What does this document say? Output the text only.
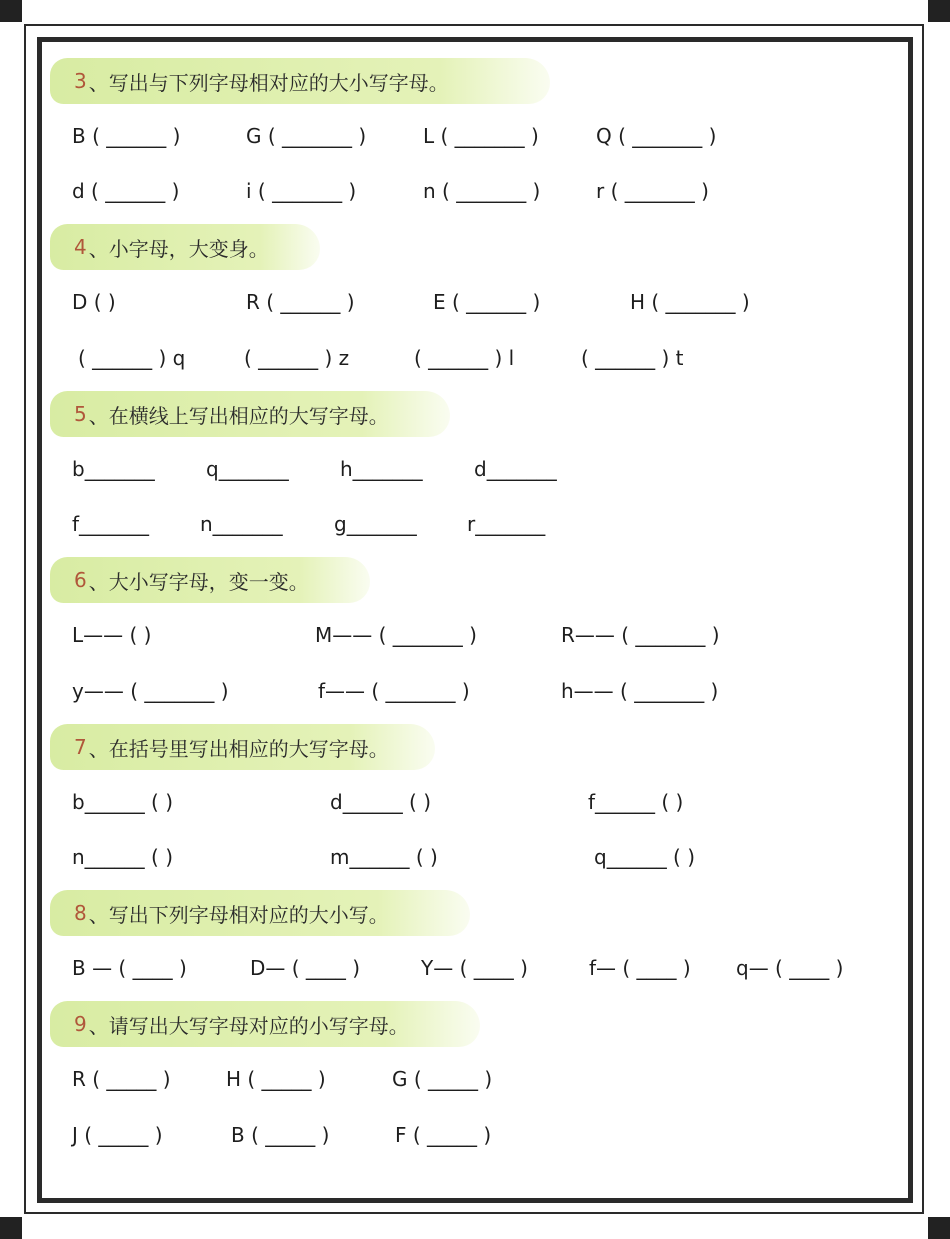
3 、写出与下列字母相对应的大小写字母。
B ( ______ )	G ( _______ )	L ( _______ )	Q ( _______ )
d ( ______ )	i ( _______ )	n ( _______ )	r ( _______ )
4 、小字母，大变身。
D ( )	R ( ______ )	E ( ______ )	H ( _______ )
( ______ ) q	( ______ ) z	( ______ ) l	( ______ ) t
5 、在横线上写出相应的大写字母。
b_______	q_______	h_______	d_______
f_______	n_______	g_______	r_______
6 、大小写字母，变一变。
L—— ( )	M—— ( _______ )	R—— ( _______ )
y—— ( _______ )	f—— ( _______ )	h—— ( _______ )
7 、在括号里写出相应的大写字母。
b______ ( )	d______ ( )	f______ ( )
n______ ( )	m______ ( )	q______ ( )
8 、写出下列字母相对应的大小写。
B — ( ____ )	D— ( ____ )	Y— ( ____ )	f— ( ____ ) q— ( ____ )
9 、请写出大写字母对应的小写字母。
R ( _____ )	H ( _____ )	G ( _____ )
J ( _____ )	B ( _____ )	F ( _____ )
